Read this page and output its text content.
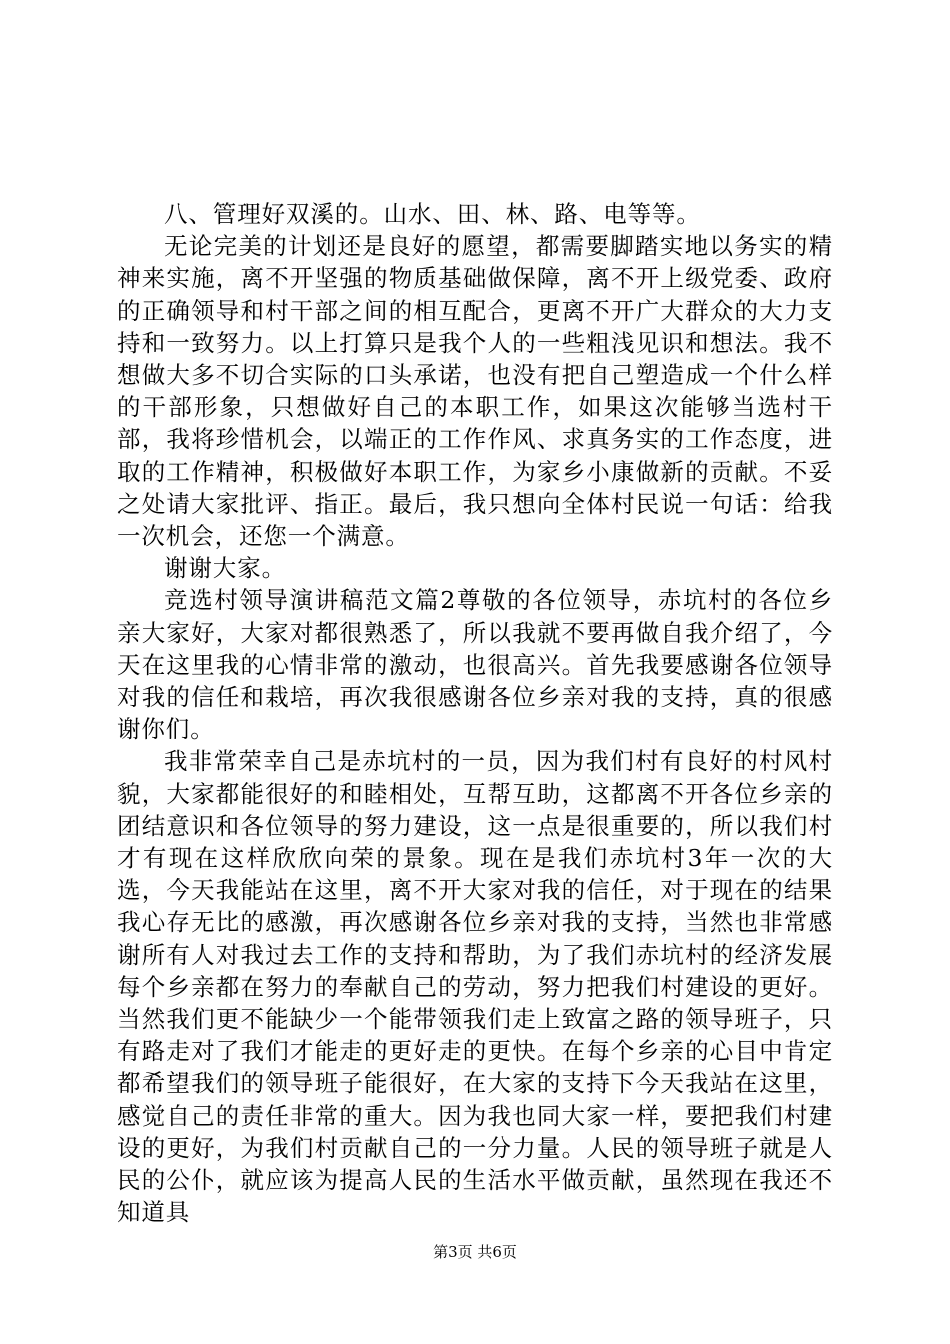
八、管理好双溪的。山水、田、林、路、电等等。

无论完美的计划还是良好的愿望，都需要脚踏实地以务实的精神来实施，离不开坚强的物质基础做保障，离不开上级党委、政府的正确领导和村干部之间的相互配合，更离不开广大群众的大力支持和一致努力。以上打算只是我个人的一些粗浅见识和想法。我不想做大多不切合实际的口头承诺，也没有把自己塑造成一个什么样的干部形象，只想做好自己的本职工作，如果这次能够当选村干部，我将珍惜机会，以端正的工作作风、求真务实的工作态度，进取的工作精神，积极做好本职工作，为家乡小康做新的贡献。不妥之处请大家批评、指正。最后，我只想向全体村民说一句话：给我一次机会，还您一个满意。

谢谢大家。

竞选村领导演讲稿范文篇2尊敬的各位领导，赤坑村的各位乡亲大家好，大家对都很熟悉了，所以我就不要再做自我介绍了，今天在这里我的心情非常的激动，也很高兴。首先我要感谢各位领导对我的信任和栽培，再次我很感谢各位乡亲对我的支持，真的很感谢你们。

我非常荣幸自己是赤坑村的一员，因为我们村有良好的村风村貌，大家都能很好的和睦相处，互帮互助，这都离不开各位乡亲的团结意识和各位领导的努力建设，这一点是很重要的，所以我们村才有现在这样欣欣向荣的景象。现在是我们赤坑村3年一次的大选，今天我能站在这里，离不开大家对我的信任，对于现在的结果我心存无比的感激，再次感谢各位乡亲对我的支持，当然也非常感谢所有人对我过去工作的支持和帮助，为了我们赤坑村的经济发展每个乡亲都在努力的奉献自己的劳动，努力把我们村建设的更好。当然我们更不能缺少一个能带领我们走上致富之路的领导班子，只有路走对了我们才能走的更好走的更快。在每个乡亲的心目中肯定都希望我们的领导班子能很好，在大家的支持下今天我站在这里，感觉自己的责任非常的重大。因为我也同大家一样，要把我们村建设的更好，为我们村贡献自己的一分力量。人民的领导班子就是人民的公仆，就应该为提高人民的生活水平做贡献，虽然现在我还不知道具

第3页 共6页
